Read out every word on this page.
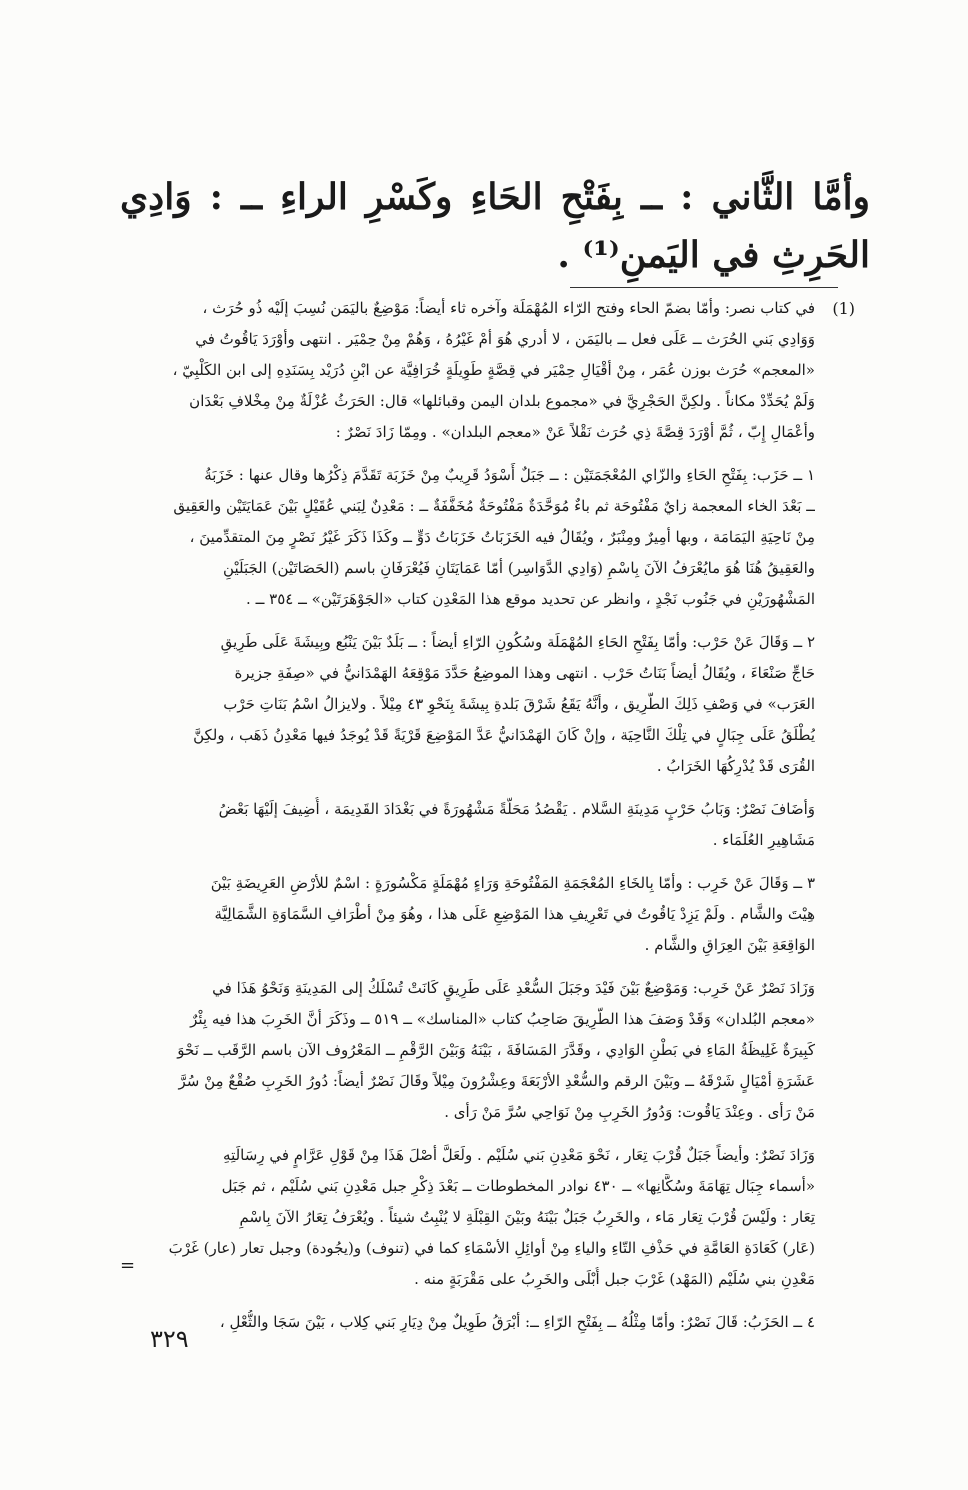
وأمَّا الثَّاني : ــ بِفَتْحِ الحَاءِ وكَسْرِ الراءِ ــ : وَادِي الحَرِثِ في اليَمنِ⁽¹⁾ .
(1)
في كتاب نصر: وأمّا بضمّ الحاء وفتح الرّاء المُهْمَلَة وآخره ثاء أيضاً: مَوْضِعٌ باليَمَن نُسِبَ إلَيْه ذُو حُرَث ،
وَوَادِي بَني الحُرَث ــ عَلَى فعل ــ باليَمَن ، لا أدري هُوَ أمْ غَيْرُهُ ، وَهُمْ مِنْ حِمْيَر . انتهى وأوْرَدَ يَاقُوتُ في
«المعجم» حُرَث بوزن عُمَر ، مِنْ أقْيَالِ حِمْيَر في قِصَّةٍ طَوِيلَةٍ خُرَافِيَّة عن ابْنِ دُرَيْد بِسَنَدِهِ إلى ابن الكَلْبِيّ ،
وَلَمْ يُحَدِّدْ مكاناً . ولكِنَّ الحَجْرِيَّ في «مجموع بلدان اليمن وقبائلها» قال: الحَرَثُ عُزْلَةٌ مِنْ مِخْلافِ بَعْدَان
وأعْمَالِ إِبّ ، ثُمَّ أوْرَدَ قِصَّةَ ذِي حُرَث نَقْلاً عَنْ «معجم البلدان» . ومِمّا زَادَ نَصْرٌ :
١ ــ حَزَب: بِفَتْحِ الحَاءِ والزّاي المُعْجَمَتَيْن : ــ جَبَلٌ أَسْوَدُ قَرِيبٌ مِنْ خَزَبَة تَقَدَّمَ ذِكْرُها وقال عنها : خَزَبَةُ
ــ بَعْدَ الخاء المعجمة زايٌ مَفْتُوحَة ثم باءٌ مُوَحَّدَةٌ مَفْتُوحَةٌ مُخَفَّفَةٌ ــ : مَعْدِنٌ لِبَني عُقَيْلٍ بَيْنَ عَمَايَتَيْن والعَقِيق
مِنْ نَاحِيَةِ اليَمَامَة ، وبها أمِيرٌ ومِنْبَرٌ ، ويُقَالُ فيه الخَزَبَاتُ خَزَبَاتُ دَوٍّ ــ وكَذَا ذَكَرَ غَيْرُ نَصْرٍ مِنَ المتقدِّمينَ ،
والعَقِيقُ هُنَا هُوَ مايُعْرَفُ الآنَ بِاسْمِ (وَادِي الدَّوَاسِر) أمّا عَمَايَتَانِ فَيُعْرَفَانِ باسم (الحَصَاتَيْن) الجَبَلَيْنِ
المَشْهُورَيْنِ في جَنُوب نَجْدٍ ، وانظر عن تحديد موقع هذا المَعْدِن كتاب «الجَوْهَرَتَيْن» ــ ٣٥٤ ــ .
٢ ــ وَقَالَ عَنْ حَرْب: وأمّا بِفَتْحِ الحَاءِ المُهْمَلَة وسُكُونِ الرّاءِ أيضاً : ــ بَلَدٌ بَيْنَ يَنْبُع وبِيشَةَ عَلَى طَرِيقِ
حَاجِّ صَنْعَاءَ ، ويُقَالُ أيضاً بَنَاتُ حَرْب . انتهى وهذا الموضِعُ حَدَّدَ مَوْقِعَهُ الهَمْدَانيُّ في «صِفَةِ جزيرة
العَرَب» في وَصْفِ ذَلِكَ الطَّرِيق ، وأنَّهُ يَقَعُ شَرْقَ بَلدةِ بِيشَةَ بِنَحْوِ ٤٣ مِيْلاً . ولايزالُ اسْمُ بَنَاتِ حَرْب
يُطْلَقُ عَلَى جِبَالٍ في تِلْكَ النَّاحِيَة ، وإنْ كَانَ الهَمْدَانيُّ عَدَّ المَوْضِعَ قَرْيَةً قَدْ يُوجَدُ فيها مَعْدِنُ ذَهَب ، ولكِنَّ
القُرَى قَدْ يُدْرِكُهَا الخَرَابُ .
وَأضَافَ نَصْرٌ: وَبَابُ حَرْبٍ مَدِينَةِ السَّلام . يَقْصُدُ مَحَلَّةً مَشْهُورَةً في بَغْدَادَ القَدِيمَة ، أُضِيفَ إلَيْهَا بَعْضُ
مَشَاهِيرِ العُلَمَاء .
٣ ــ وَقَالَ عَنْ خَرِب : وأمّا بِالخَاءِ المُعْجَمَةِ المَفْتُوحَةِ وَرَاءٍ مُهْمَلَةٍ مَكْسُورَةٍ : اسْمٌ للأرْضِ العَرِيضَةِ بَيْنَ
هِيْتَ والشَّام . ولَمْ يَزِدْ يَاقُوتُ في تَعْرِيفِ هذا المَوْضِعِ عَلَى هذا ، وهُوَ مِنْ أطْرَافِ السَّمَاوَةِ الشَّمَالِيَّة
الوَاقِعَةِ بَيْنَ العِرَاقِ والشَّام .
وَزَادَ نَصْرٌ عَنْ خَرِب: وَمَوْضِعٌ بَيْنَ فَيْدَ وجَبَلَ السُّعْدِ عَلَى طَرِيقٍ كَانَتْ تُسْلَكُ إلى المَدِينَةِ وَنَحْوُ هَذَا في
«معجم البُلدان» وَقَدْ وَصَفَ هذا الطَّرِيقَ صَاحِبُ كتاب «المناسك» ــ ٥١٩ ــ وذَكَرَ أنَّ الخَرِبَ هذا فيه بِئْرٌ
كَبِيرَةٌ غَلِيظَةُ المَاءِ في بَطْنِ الوَادِي ، وقَدَّرَ المَسَافَةَ ، بَيْنَهُ وَبَيْنَ الرَّقْمِ ــ المَعْرُوف الآن باسم الرَّقَب ــ نَحْوَ
عَشَرَةِ أمْيَالٍ شَرْقَهُ ــ وبَيْنَ الرقم والسُّعْدِ الأرْبَعَةَ وعِشْرُونَ مِيْلاً وقَالَ نَصْرٌ أيضاً: دُورُ الخَرِبِ صُقْعٌ مِنْ سُرَّ
مَنْ رَأى . وعِنْدَ يَاقُوت: وَدُورُ الخَرِبِ مِنْ نَوَاحِي سُرَّ مَنْ رَأى .
وَزَادَ نَصْرٌ: وأيضاً جَبَلٌ قُرْبَ تِعَار ، نَحْوَ مَعْدِنِ بَني سُلَيْم . ولَعَلَّ أصْلَ هَذَا مِنْ قَوْلِ عَرَّامٍ في رِسَالَتِهِ
«أسماء جِبَال تِهَامَةَ وسُكَّانِها» ــ ٤٣٠ نوادر المخطوطات ــ بَعْدَ ذِكْرِ جبل مَعْدِنِ بَني سُلَيْم ، ثم جَبَل
تِعَار : ولَيْسَ قُرْبَ تِعَار مَاء ، والخَرِبُ جَبَلٌ بَيْنَهُ وبَيْنَ القِبْلَةِ لا يُنْبِتُ شيئاً . ويُعْرَفُ تِعَارُ الآنَ بِاسْمِ
(عَار) كَعَادَةِ العَامَّةِ في حَذْفِ التّاءِ والياءِ مِنْ أوائِلِ الأسْمَاءِ كما في (تنوف) و(يجُودة) وجبل تعار (عار) غَرْبَ
مَعْدِنِ بني سُلَيْم (المَهْد) غَرْبَ جبل أُبْلَى والخَرِبُ على مَقْرَبَةٍ منه .
٤ ــ الحَزَبُ: قَالَ نَصْرٌ: وأمّا مِثْلُهُ ــ بِفَتْحِ الرّاءِ ــ: أبْرَقُ طَوِيلٌ مِنْ دِيَارِ بَني كِلاب ، بَيْنَ سَجَا والثُّعْلِ ،
=
٣٢٩
